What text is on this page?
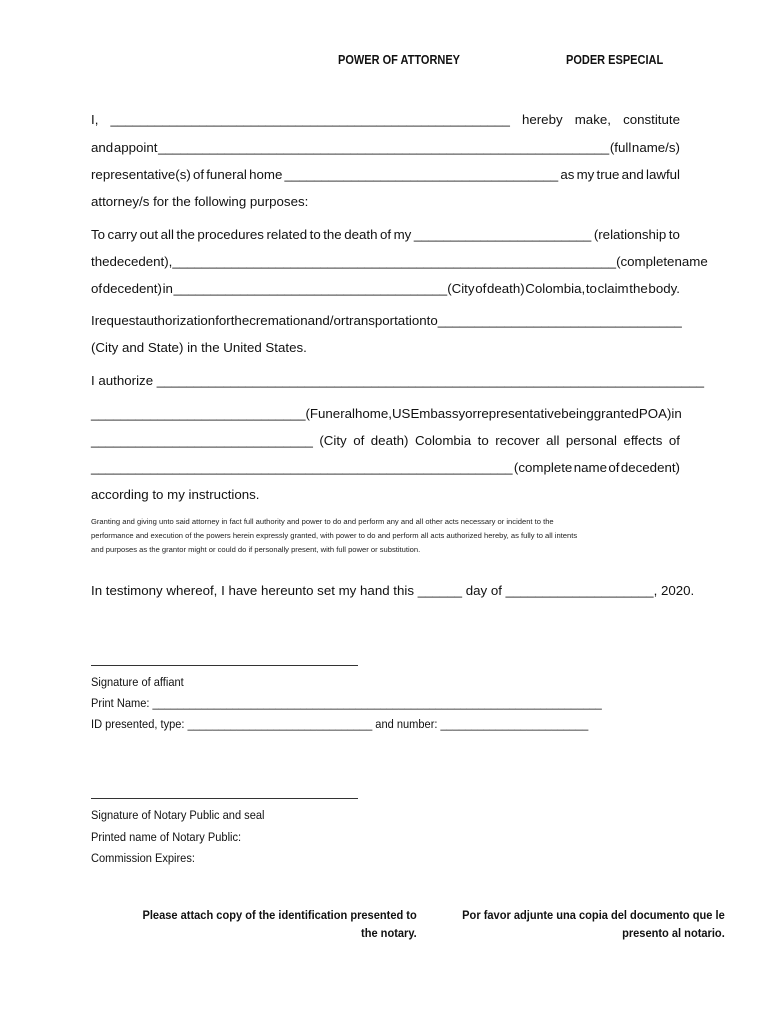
POWER OF ATTORNEY	PODER ESPECIAL
I, ______________________________________________________ hereby make, constitute
and appoint _____________________________________________________________ (full name/s)
representative(s) of funeral home _____________________________________ as my true and lawful
attorney/s for the following purposes:
To carry out all the procedures related to the death of my ________________________ (relationship to
the decedent), ____________________________________________________________ (complete name
of decedent) in _____________________________________(City of death) Colombia, to claim the body.
I request authorization for the cremation and/or transportation to _________________________________
(City and State) in the United States.
I authorize __________________________________________________________________________
_____________________________ (Funeral home, US Embassy or representative being granted POA) in
______________________________ (City of death) Colombia to recover all personal effects of
_________________________________________________________ (complete name of decedent)
according to my instructions.
Granting and giving unto said attorney in fact full authority and power to do and perform any and all other acts necessary or incident to the
performance and execution of the powers herein expressly granted, with power to do and perform all acts authorized hereby, as fully to all intents
and purposes as the grantor might or could do if personally present, with full power or substitution.
In testimony whereof, I have hereunto set my hand this ______ day of ____________________, 2020.
Signature of affiant
Print Name: _________________________________________________________________________
ID presented, type: ______________________________ and number: ________________________
Signature of Notary Public and seal
Printed name of Notary Public:
Commission Expires:
Please attach copy of the identification presented to
the notary.
Por favor adjunte una copia del documento que le
presento al notario.
